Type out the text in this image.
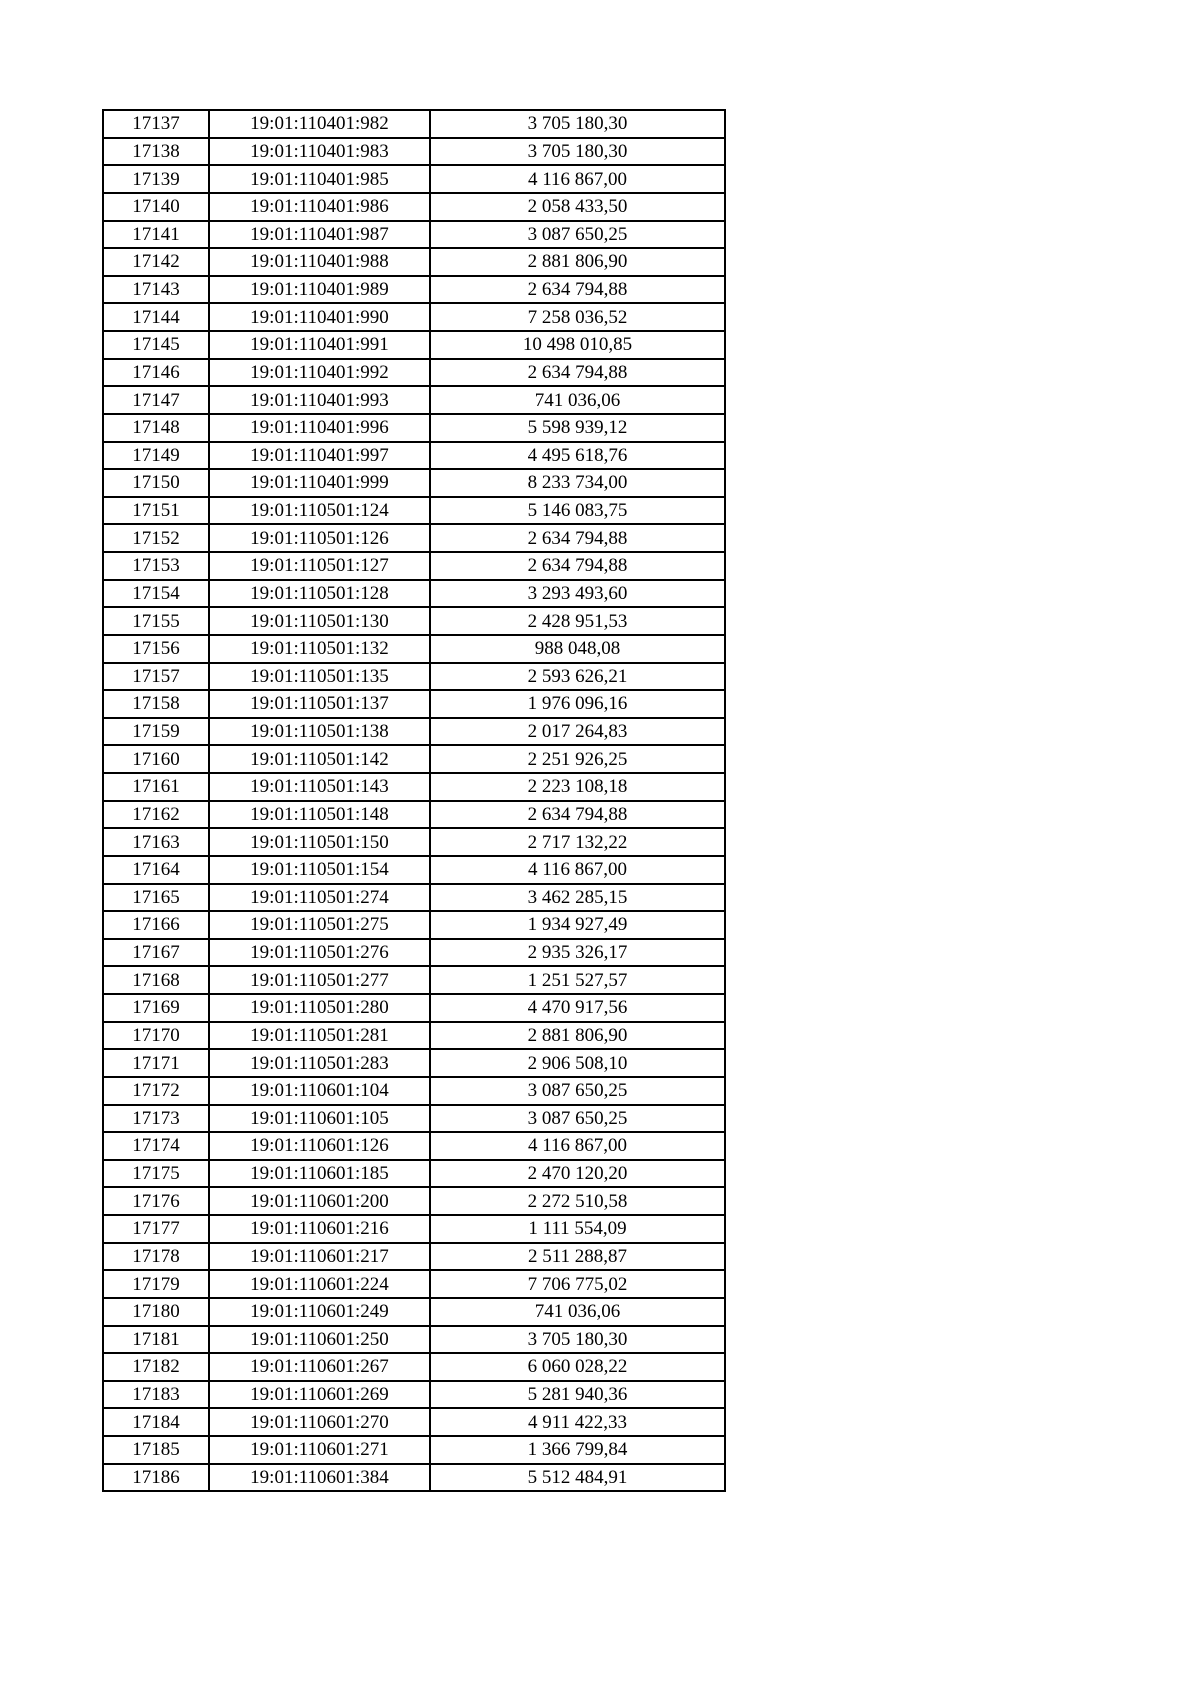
17137	19:01:110401:982	3 705 180,30
17138	19:01:110401:983	3 705 180,30
17139	19:01:110401:985	4 116 867,00
17140	19:01:110401:986	2 058 433,50
17141	19:01:110401:987	3 087 650,25
17142	19:01:110401:988	2 881 806,90
17143	19:01:110401:989	2 634 794,88
17144	19:01:110401:990	7 258 036,52
17145	19:01:110401:991	10 498 010,85
17146	19:01:110401:992	2 634 794,88
17147	19:01:110401:993	741 036,06
17148	19:01:110401:996	5 598 939,12
17149	19:01:110401:997	4 495 618,76
17150	19:01:110401:999	8 233 734,00
17151	19:01:110501:124	5 146 083,75
17152	19:01:110501:126	2 634 794,88
17153	19:01:110501:127	2 634 794,88
17154	19:01:110501:128	3 293 493,60
17155	19:01:110501:130	2 428 951,53
17156	19:01:110501:132	988 048,08
17157	19:01:110501:135	2 593 626,21
17158	19:01:110501:137	1 976 096,16
17159	19:01:110501:138	2 017 264,83
17160	19:01:110501:142	2 251 926,25
17161	19:01:110501:143	2 223 108,18
17162	19:01:110501:148	2 634 794,88
17163	19:01:110501:150	2 717 132,22
17164	19:01:110501:154	4 116 867,00
17165	19:01:110501:274	3 462 285,15
17166	19:01:110501:275	1 934 927,49
17167	19:01:110501:276	2 935 326,17
17168	19:01:110501:277	1 251 527,57
17169	19:01:110501:280	4 470 917,56
17170	19:01:110501:281	2 881 806,90
17171	19:01:110501:283	2 906 508,10
17172	19:01:110601:104	3 087 650,25
17173	19:01:110601:105	3 087 650,25
17174	19:01:110601:126	4 116 867,00
17175	19:01:110601:185	2 470 120,20
17176	19:01:110601:200	2 272 510,58
17177	19:01:110601:216	1 111 554,09
17178	19:01:110601:217	2 511 288,87
17179	19:01:110601:224	7 706 775,02
17180	19:01:110601:249	741 036,06
17181	19:01:110601:250	3 705 180,30
17182	19:01:110601:267	6 060 028,22
17183	19:01:110601:269	5 281 940,36
17184	19:01:110601:270	4 911 422,33
17185	19:01:110601:271	1 366 799,84
17186	19:01:110601:384	5 512 484,91
